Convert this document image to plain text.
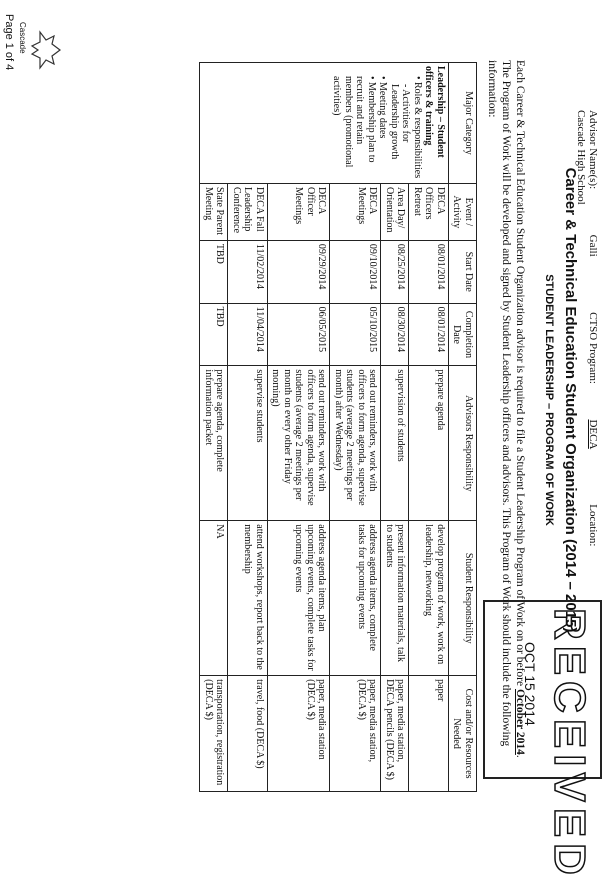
Cascade
Career & Technical Education Student Organization (2014 – 2015)
STUDENT LEADERSHIP – PROGRAM OF WORK
Advisor Name(s):  Galli  CTSO Program:  DECA  Location:  Cascade High School
RECEIVED
OCT 15 2014
Each Career & Technical Education Student Organization advisor is required to file a Student Leadership Program of Work on or before October 2014. The Program of Work will be developed and signed by Student Leadership officers and advisors. This Program of Work should include the following information:
Major Category	Event / Activity	Start Date	Completion Date	Advisors Responsibility	Student Responsibility	Cost and/or Resources Needed

Leadership – Student officers & training
• Roles & responsibilities
- Activities for Leadership growth
• Meeting dates
• Membership plan to recruit and retain members (promotional activities)	DECA Officers Retreat	08/01/2014	08/01/2014	prepare agenda	develop program of work, work on leadership, networking	paper
	Area Day/ Orientation	08/25/2014	08/30/2014	supervision of students	present information materials, talk to students	paper, media station, DECA pencils (DECA $)
	DECA Meetings	09/10/2014	05/10/2015	send out reminders, work with officers to form agenda, supervise students (average 2 meetings per month) after Wednesday)	address agenda items, complete tasks for upcoming events	paper, media station, (DECA $)
	DECA Officer Meetings	09/29/2014	06/05/2015	send out reminders, work with officers to form agenda, supervise students (average 2 meetings per month on every other Friday morning)	address agenda items, plan upcoming events, complete tasks for upcoming events	paper, media station (DECA $)
	DECA Fall Leadership Conference	11/02/2014	11/04/2014	supervise students	attend workshops, report back to the membership	travel, food (DECA $)
	State Parent Meeting	TBD	TBD	prepare agenda, complete information packet	NA	transportation, registration (DECA $)
Page 1 of 4
